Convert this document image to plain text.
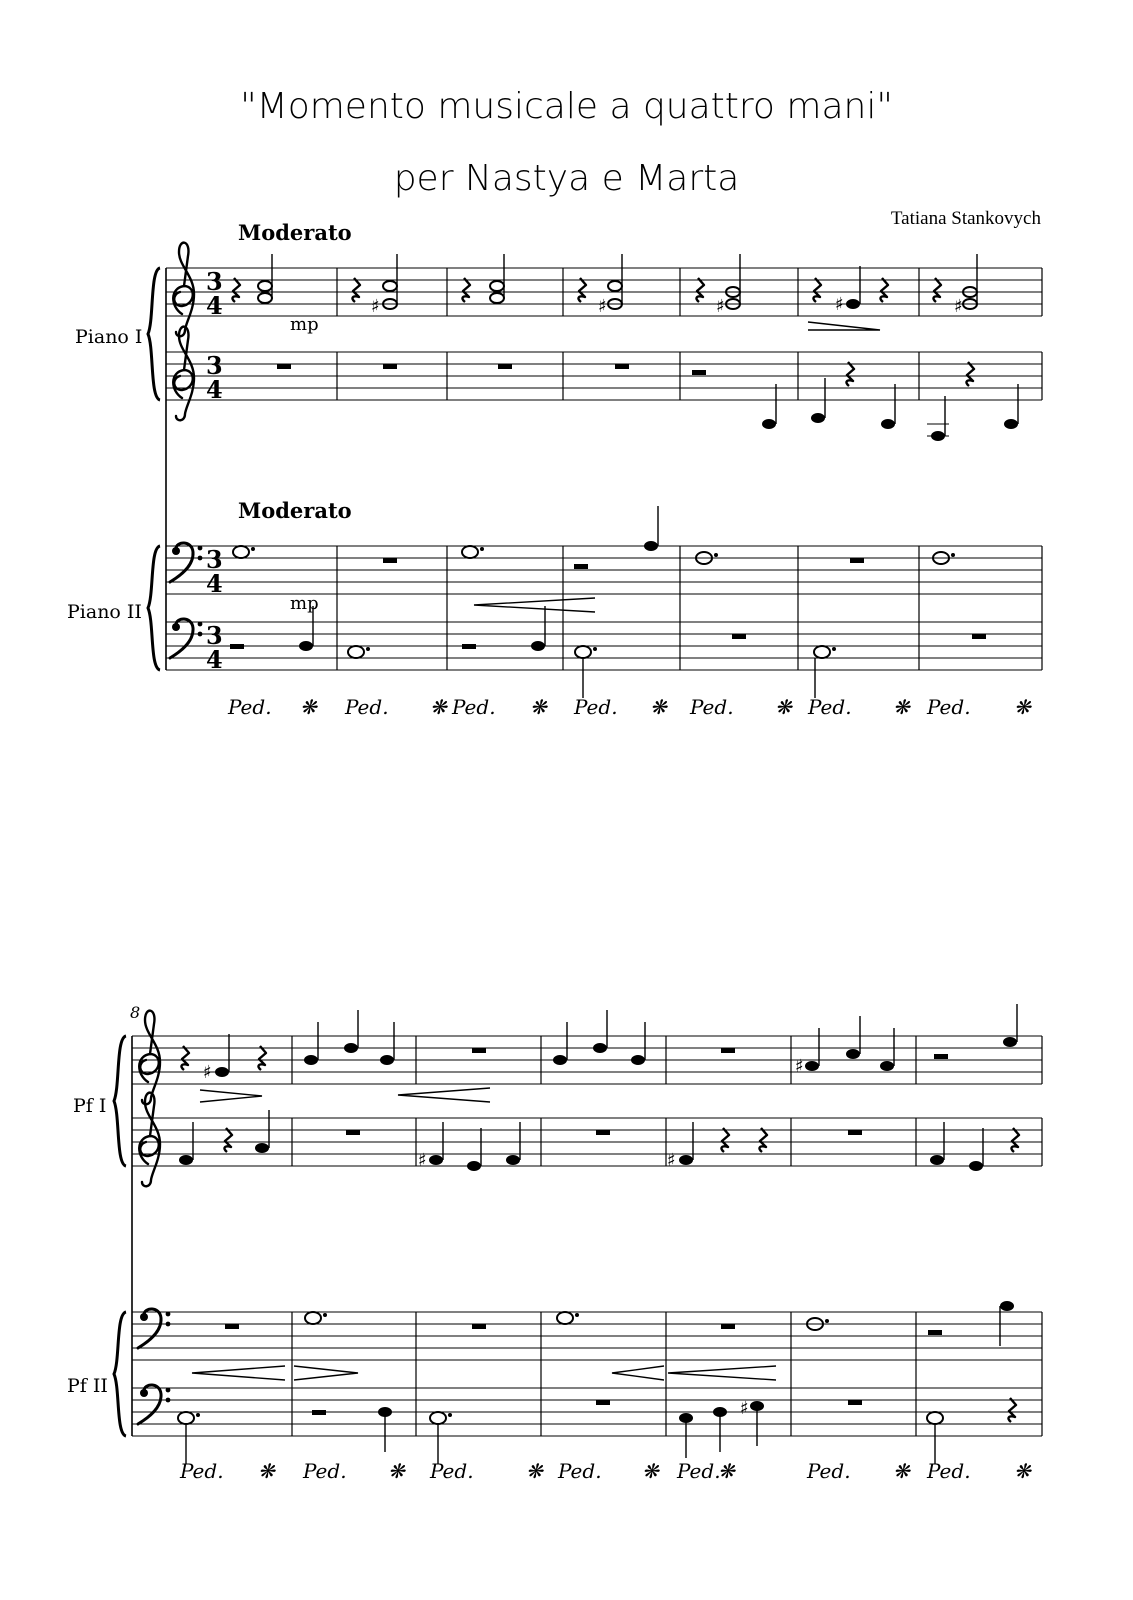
"Momento musicale a quattro mani"
per Nastya e Marta
Tatiana Stankovych
Moderato
Moderato
Piano I
Piano II
mp
mp
3
4
3
4
3
4
3
4
♯	♯	♯	♯	♯
Ped. ❋ Ped. ❋ Ped. ❋ Ped. ❋ Ped. ❋ Ped. ❋ Ped. ❋
8
Pf I
Pf II
♯	♯
♯	♯
♯
Ped. ❋ Ped. ❋ Ped.	❋ Ped. ❋ Ped.
❋	Ped. ❋ Ped. ❋
